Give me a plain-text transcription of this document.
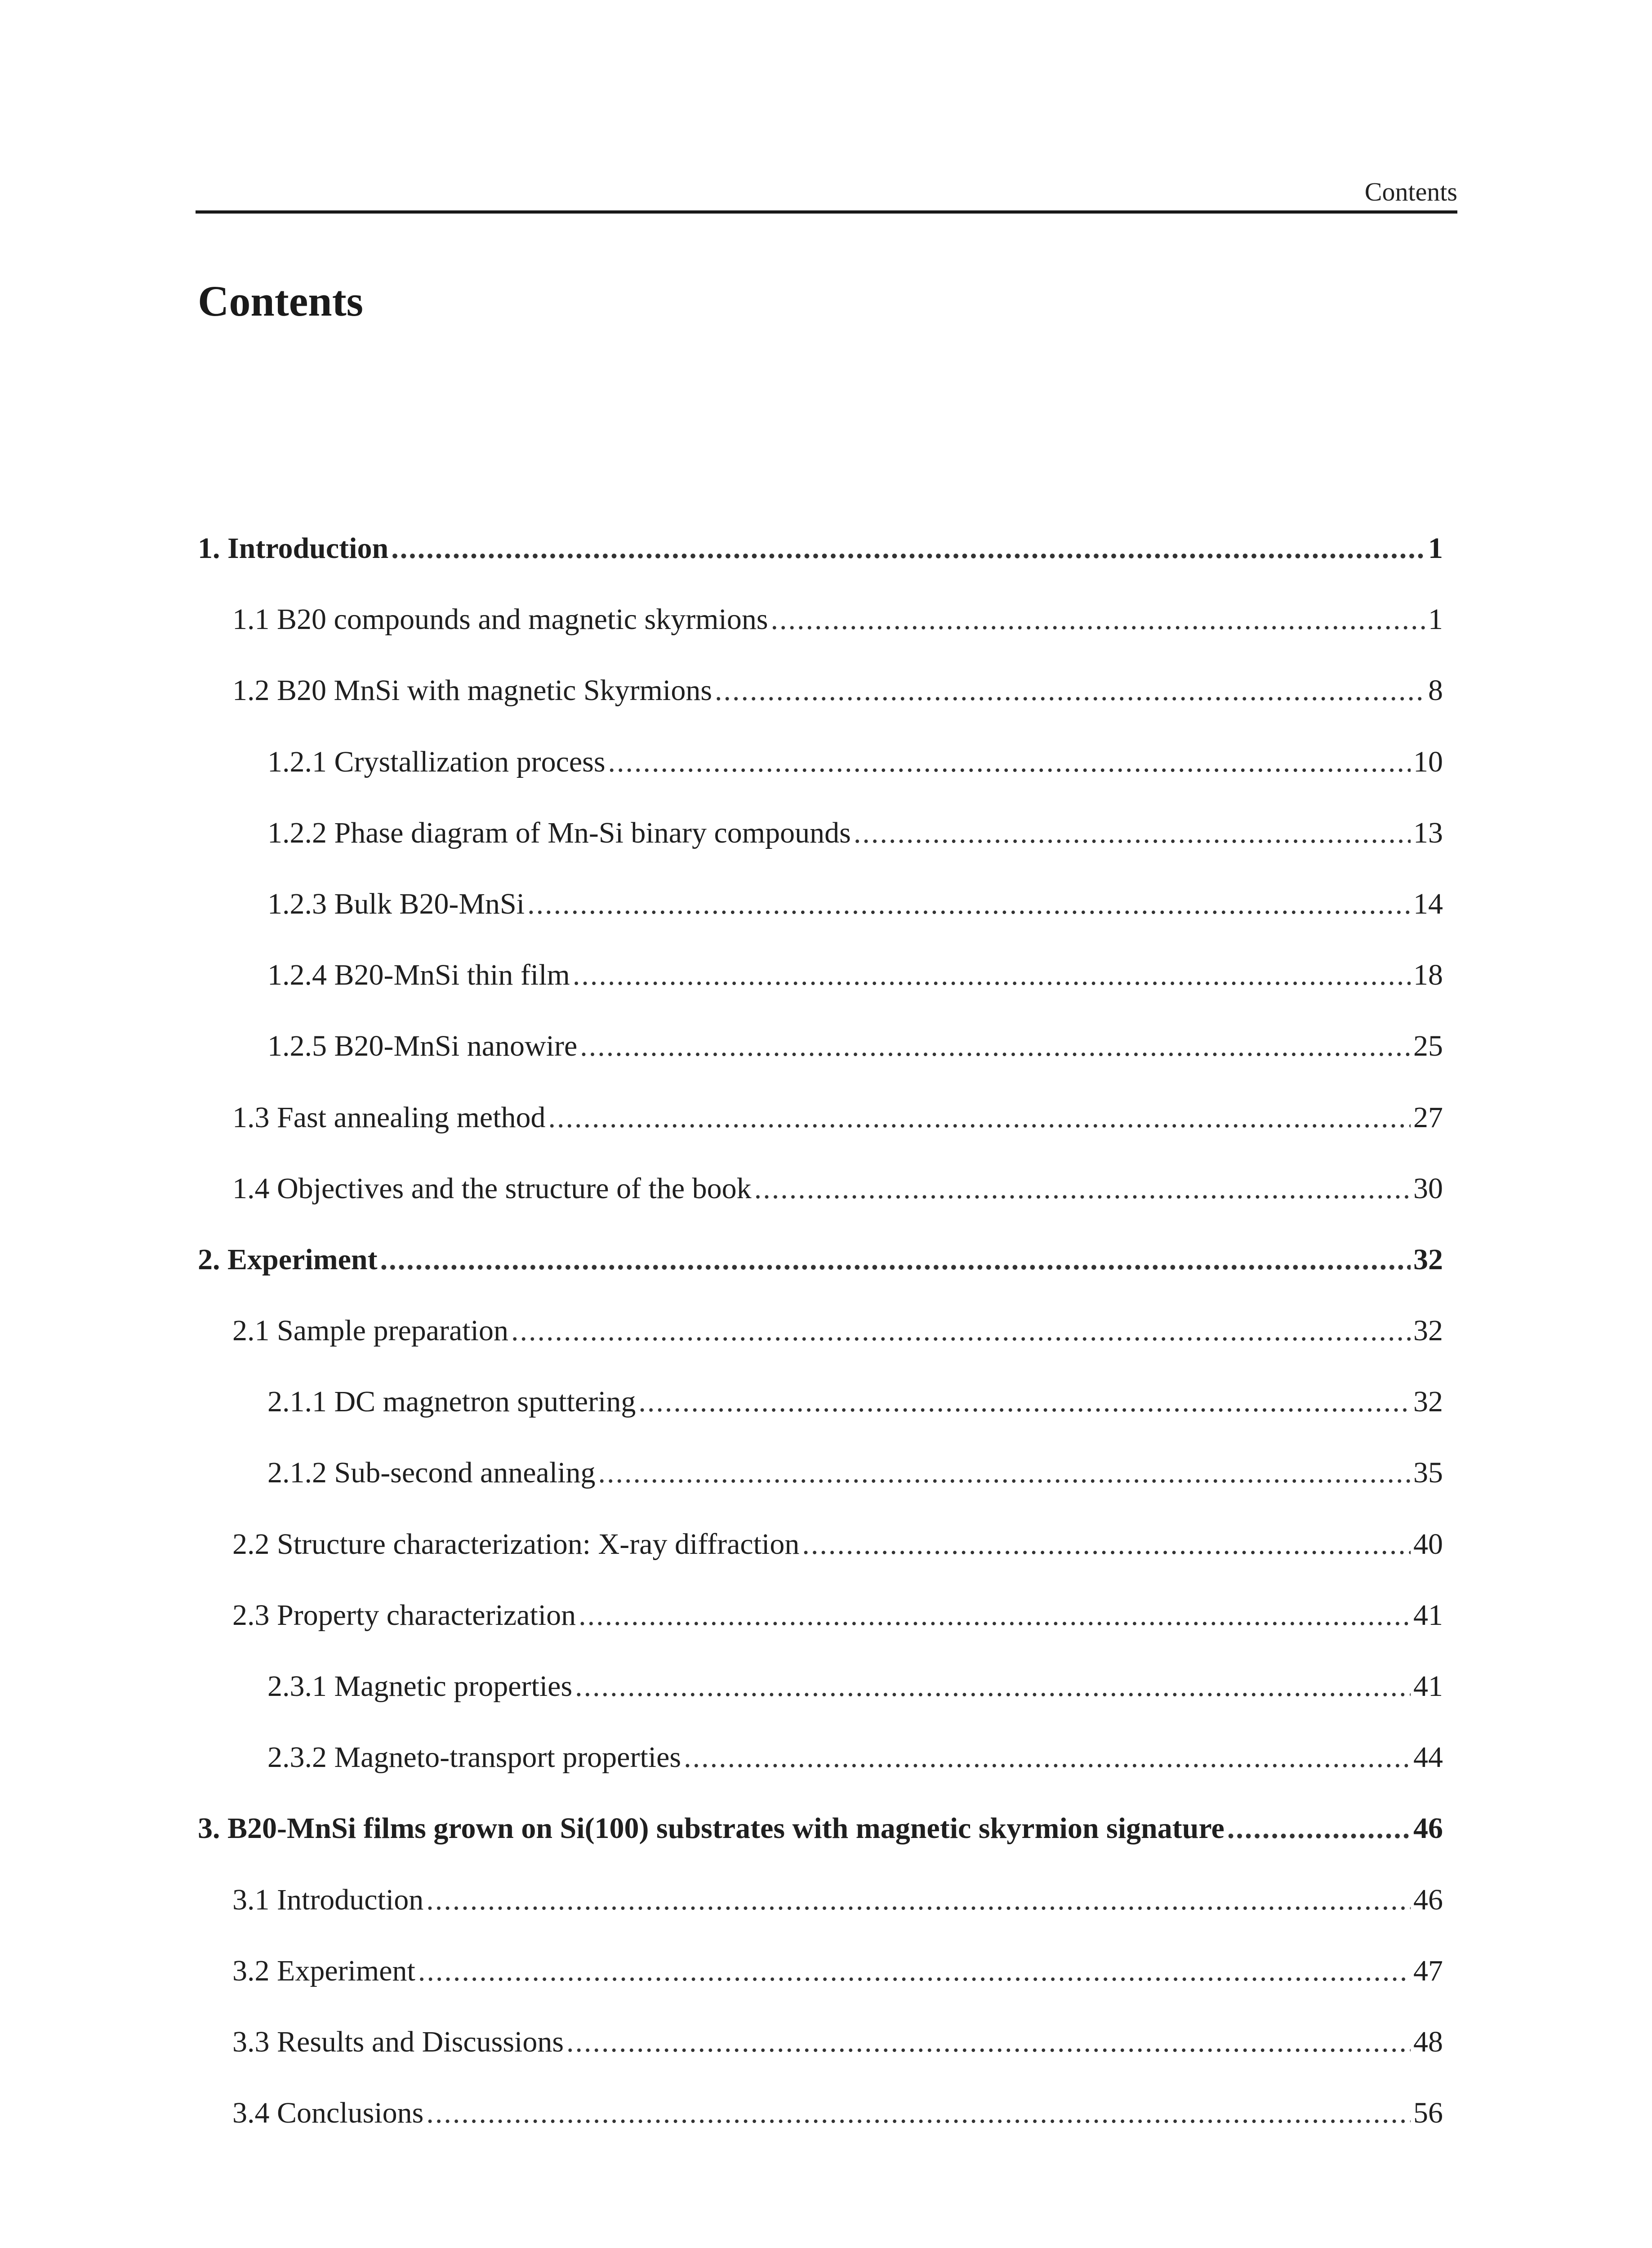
Contents
Contents
1. Introduction .....	1
1.1 B20 compounds and magnetic skyrmions .....	1
1.2 B20 MnSi with magnetic Skyrmions .....	8
1.2.1 Crystallization process .....	10
1.2.2 Phase diagram of Mn-Si binary compounds .....	13
1.2.3 Bulk B20-MnSi .....	14
1.2.4 B20-MnSi thin film .....	18
1.2.5 B20-MnSi nanowire .....	25
1.3 Fast annealing method .....	27
1.4 Objectives and the structure of the book .....	30
2. Experiment .....	32
2.1 Sample preparation .....	32
2.1.1 DC magnetron sputtering .....	32
2.1.2 Sub-second annealing .....	35
2.2 Structure characterization: X-ray diffraction .....	40
2.3 Property characterization .....	41
2.3.1 Magnetic properties .....	41
2.3.2 Magneto-transport properties .....	44
3. B20-MnSi films grown on Si(100) substrates with magnetic skyrmion signature .....	46
3.1 Introduction .....	46
3.2 Experiment .....	47
3.3 Results and Discussions .....	48
3.4 Conclusions .....	56
